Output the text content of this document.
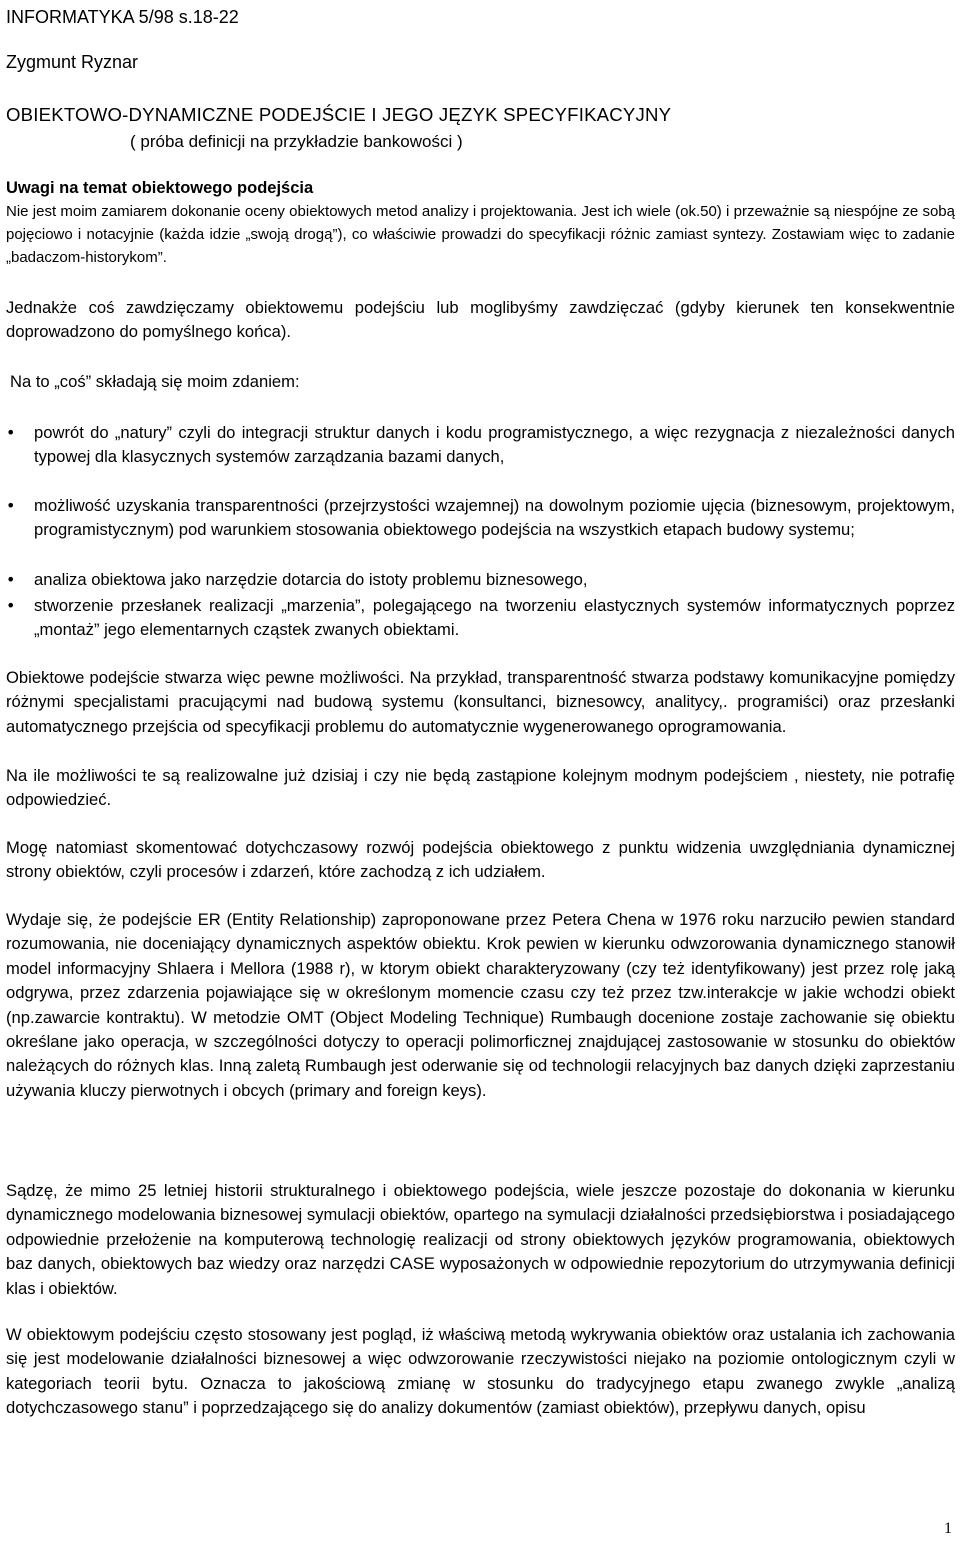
INFORMATYKA 5/98 s.18-22
Zygmunt Ryznar
OBIEKTOWO-DYNAMICZNE PODEJŚCIE I JEGO JĘZYK SPECYFIKACYJNY
( próba definicji na przykładzie bankowości )
Uwagi na temat obiektowego podejścia

Nie jest moim zamiarem dokonanie oceny obiektowych metod analizy i projektowania. Jest ich wiele (ok.50) i przeważnie są niespójne ze sobą pojęciowo i notacyjnie (każda idzie „swoją drogą”), co właściwie prowadzi do specyfikacji różnic zamiast syntezy. Zostawiam więc to zadanie „badaczom-historykom”.

Jednakże coś zawdzięczamy obiektowemu podejściu lub moglibyśmy zawdzięczać (gdyby kierunek ten konsekwentnie doprowadzono do pomyślnego końca).

Na to „coś” składają się moim zdaniem:

• powrót do „natury” czyli do integracji struktur danych i kodu programistycznego, a więc rezygnacja z niezależności danych typowej dla klasycznych systemów zarządzania bazami danych,

• możliwość uzyskania transparentności (przejrzystości wzajemnej) na dowolnym poziomie ujęcia (biznesowym, projektowym, programistycznym) pod warunkiem stosowania obiektowego podejścia na wszystkich etapach budowy systemu;

• analiza obiektowa jako narzędzie dotarcia do istoty problemu biznesowego,

• stworzenie przesłanek realizacji „marzenia”, polegającego na tworzeniu elastycznych systemów informatycznych poprzez „montaż” jego elementarnych cząstek zwanych obiektami.

Obiektowe podejście stwarza więc pewne możliwości. Na przykład, transparentność stwarza podstawy komunikacyjne pomiędzy różnymi specjalistami pracującymi nad budową systemu (konsultanci, biznesowcy, analitycy,. programiści) oraz przesłanki automatycznego przejścia od specyfikacji problemu do automatycznie wygenerowanego oprogramowania.

Na ile możliwości te są realizowalne już dzisiaj i czy nie będą zastąpione kolejnym modnym podejściem , niestety, nie potrafię odpowiedzieć.

Mogę natomiast skomentować dotychczasowy rozwój podejścia obiektowego z punktu widzenia uwzględniania dynamicznej strony obiektów, czyli procesów i zdarzeń, które zachodzą z ich udziałem.

Wydaje się, że podejście ER (Entity Relationship) zaproponowane przez Petera Chena w 1976 roku narzuciło pewien standard rozumowania, nie doceniający dynamicznych aspektów obiektu. Krok pewien w kierunku odwzorowania dynamicznego stanowił model informacyjny Shlaera i Mellora (1988 r), w ktorym obiekt charakteryzowany (czy też identyfikowany) jest przez rolę jaką odgrywa, przez zdarzenia pojawiające się w określonym momencie czasu czy też przez tzw.interakcje w jakie wchodzi obiekt (np.zawarcie kontraktu). W metodzie OMT (Object Modeling Technique) Rumbaugh docenione zostaje zachowanie się obiektu określane jako operacja, w szczególności dotyczy to operacji polimorficznej znajdującej zastosowanie w stosunku do obiektów należących do różnych klas. Inną zaletą Rumbaugh jest oderwanie się od technologii relacyjnych baz danych dzięki zaprzestaniu używania kluczy pierwotnych i obcych (primary and foreign keys).

Sądzę, że mimo 25 letniej historii strukturalnego i obiektowego podejścia, wiele jeszcze pozostaje do dokonania w kierunku dynamicznego modelowania biznesowej symulacji obiektów, opartego na symulacji działalności przedsiębiorstwa i posiadającego odpowiednie przełożenie na komputerową technologię realizacji od strony obiektowych języków programowania, obiektowych baz danych, obiektowych baz wiedzy oraz narzędzi CASE wyposażonych w odpowiednie repozytorium do utrzymywania definicji klas i obiektów.

W obiektowym podejściu często stosowany jest pogląd, iż właściwą metodą wykrywania obiektów oraz ustalania ich zachowania się jest modelowanie działalności biznesowej a więc odwzorowanie rzeczywistości niejako na poziomie ontologicznym czyli w kategoriach teorii bytu. Oznacza to jakościową zmianę w stosunku do tradycyjnego etapu zwanego zwykle „analizą dotychczasowego stanu” i poprzedzającego się do analizy dokumentów (zamiast obiektów), przepływu danych, opisu

1
